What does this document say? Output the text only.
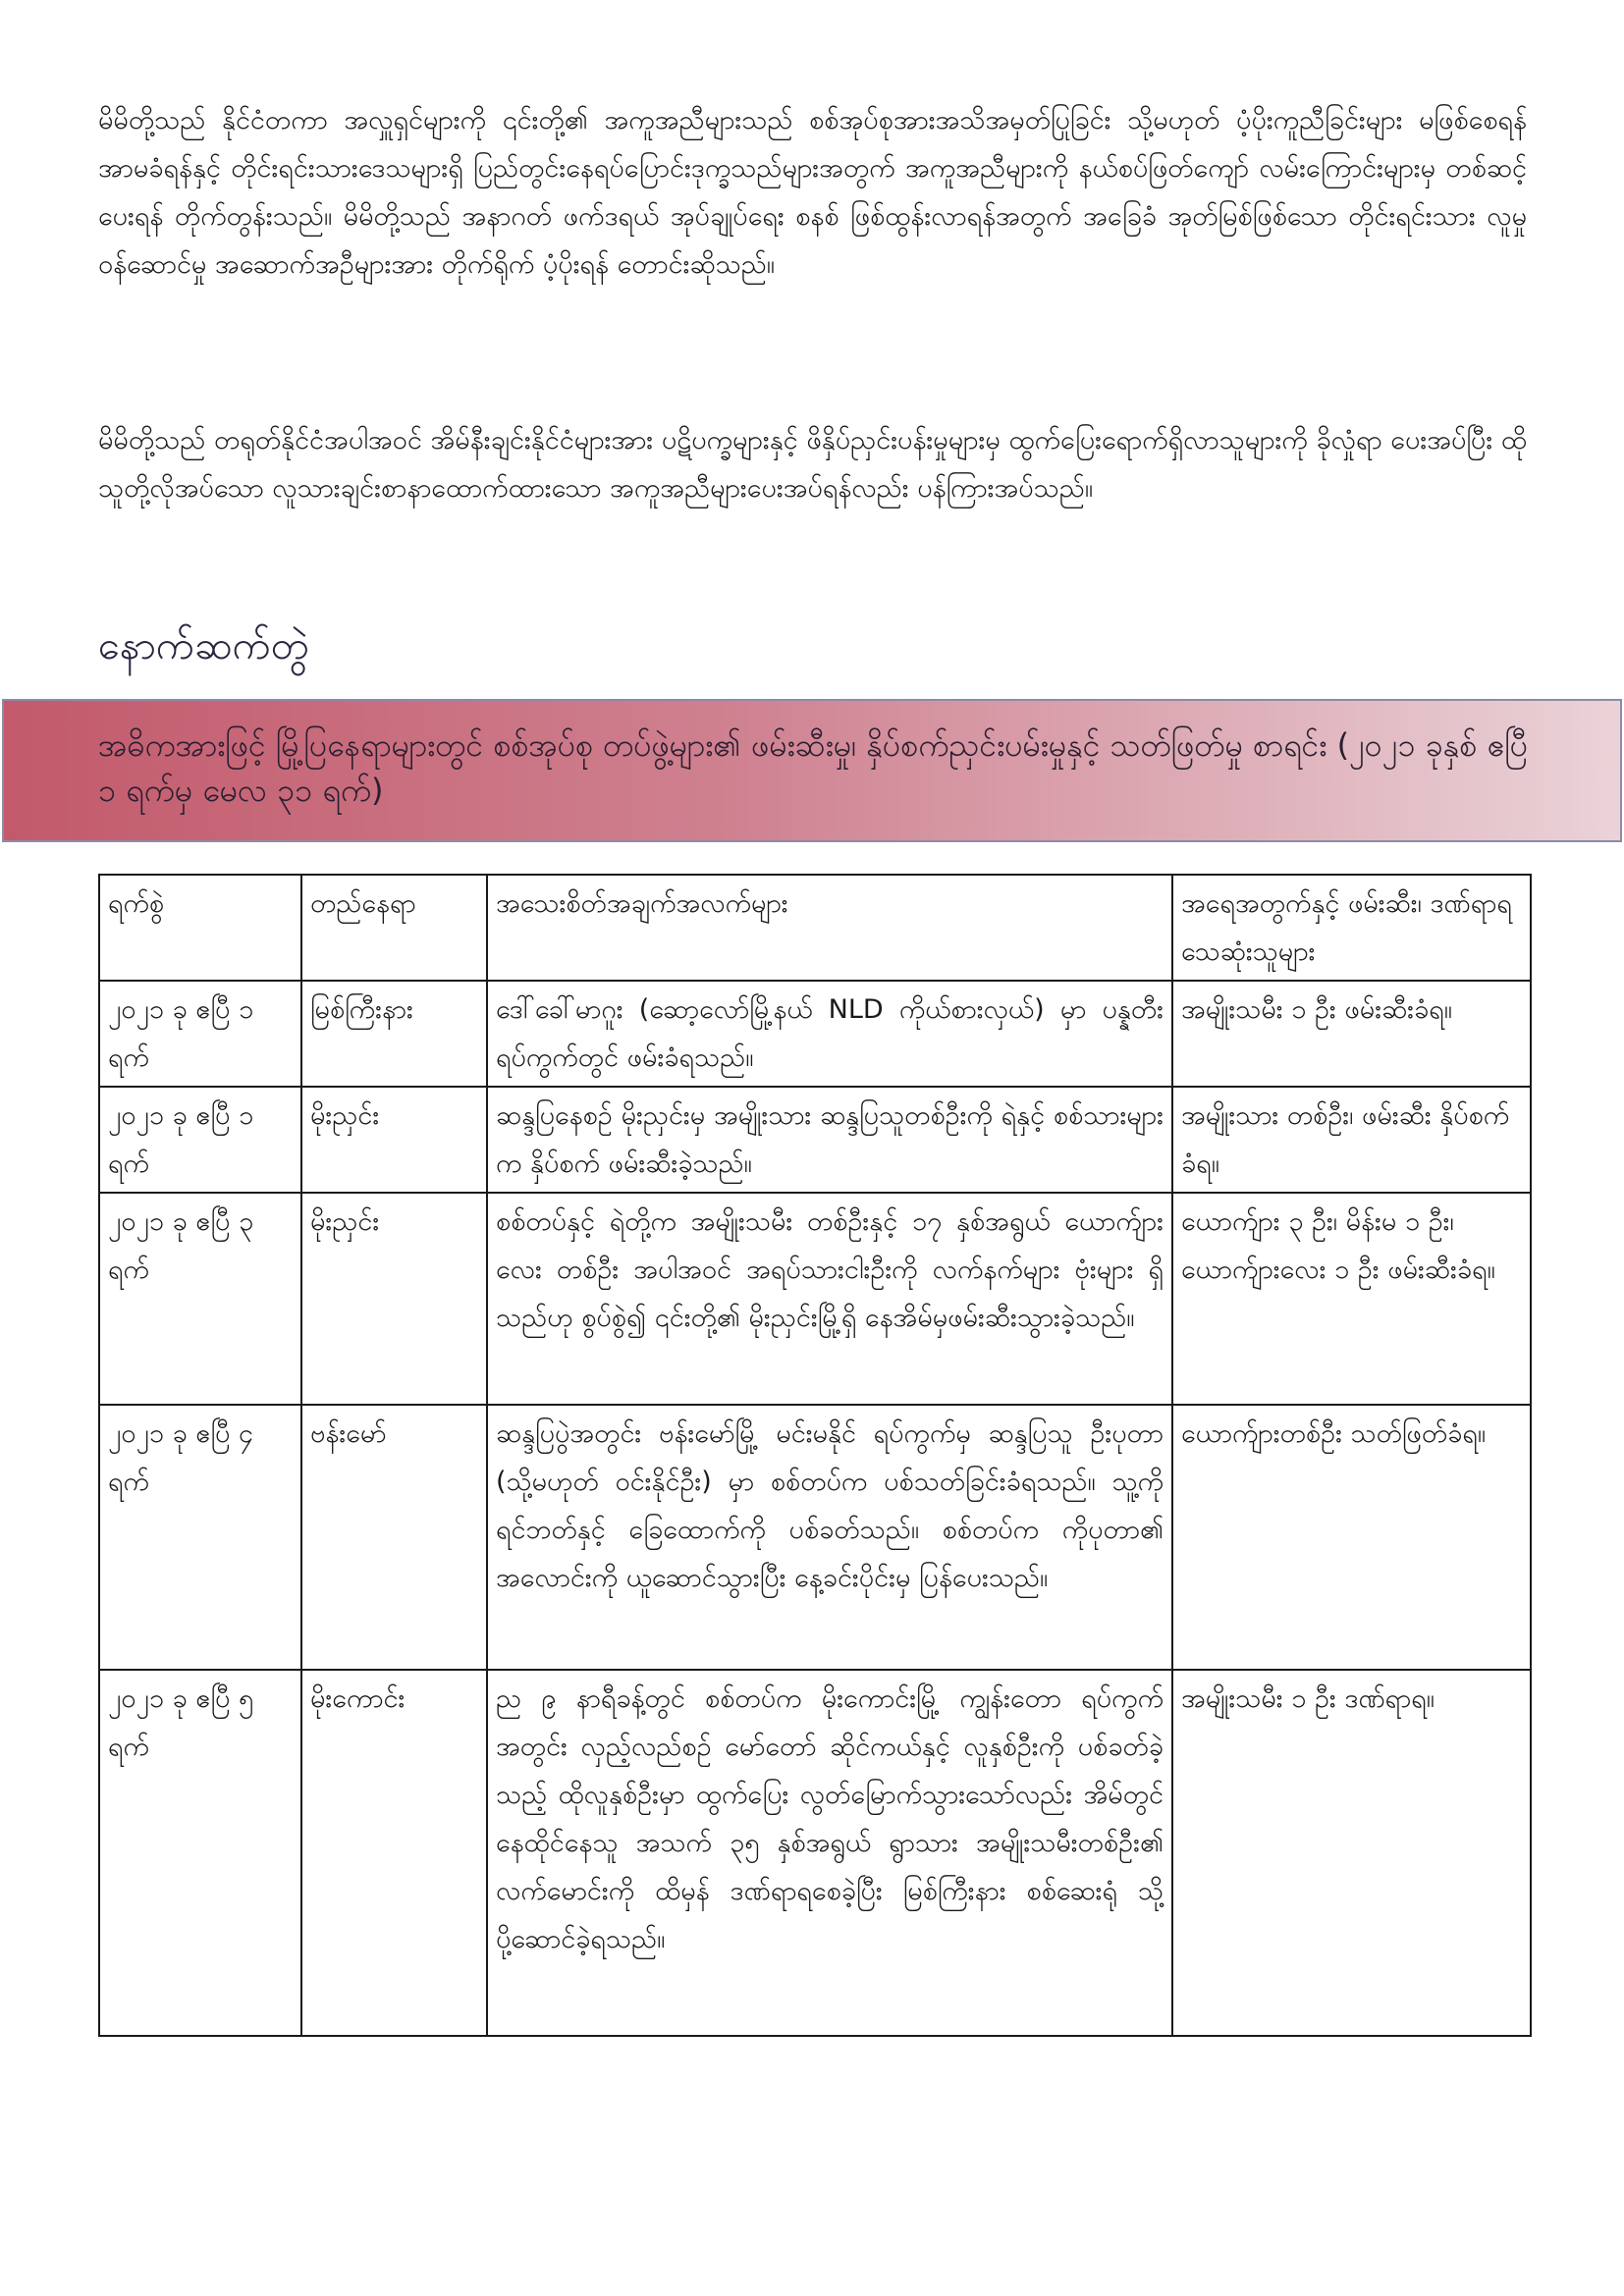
မိမိတို့သည် နိုင်ငံတကာ အလှူရှင်များကို ၎င်းတို့၏ အကူအညီများသည် စစ်အုပ်စုအားအသိအမှတ်ပြုခြင်း သို့မဟုတ် ပံ့ပိုးကူညီခြင်းများ မဖြစ်စေရန် အာမခံရန်နှင့် တိုင်းရင်းသားဒေသများရှိ ပြည်တွင်းနေရပ်ပြောင်းဒုက္ခသည်များအတွက် အကူအညီများကို နယ်စပ်ဖြတ်ကျော် လမ်းကြောင်းများမှ တစ်ဆင့် ပေးရန် တိုက်တွန်းသည်။ မိမိတို့သည် အနာဂတ် ဖက်ဒရယ် အုပ်ချုပ်ရေး စနစ် ဖြစ်ထွန်းလာရန်အတွက် အခြေခံ အုတ်မြစ်ဖြစ်သော တိုင်းရင်းသား လူမှုဝန်ဆောင်မှု အဆောက်အဦများအား တိုက်ရိုက် ပံ့ပိုးရန် တောင်းဆိုသည်။

မိမိတို့သည် တရုတ်နိုင်ငံအပါအဝင် အိမ်နီးချင်းနိုင်ငံများအား ပဋိပက္ခများနှင့် ဖိနှိပ်ညှင်းပန်းမှုများမှ ထွက်ပြေးရောက်ရှိလာသူများကို ခိုလှုံရာ ပေးအပ်ပြီး ထိုသူတို့လိုအပ်သော လူသားချင်းစာနာထောက်ထားသော အကူအညီများပေးအပ်ရန်လည်း ပန်ကြားအပ်သည်။

နောက်ဆက်တွဲ

အဓိကအားဖြင့် မြို့ပြနေရာများတွင် စစ်အုပ်စု တပ်ဖွဲ့များ၏ ဖမ်းဆီးမှု၊ နှိပ်စက်ညှင်းပမ်းမှုနှင့် သတ်ဖြတ်မှု စာရင်း (၂၀၂၁ ခုနှစ် ဧပြီ ၁ ရက်မှ မေလ ၃၁ ရက်)

ရက်စွဲ	တည်နေရာ	အသေးစိတ်အချက်အလက်များ	အရေအတွက်နှင့် ဖမ်းဆီး၊ ဒဏ်ရာရ သေဆုံးသူများ
၂၀၂၁ ခု ဧပြီ ၁ ရက်	မြစ်ကြီးနား	ဒေါ်ခေါ်မာဂူး (ဆော့လော်မြို့နယ် NLD ကိုယ်စားလှယ်) မှာ ပန္နတီး ရပ်ကွက်တွင် ဖမ်းခံရသည်။	အမျိုးသမီး ၁ ဦး ဖမ်းဆီးခံရ။
၂၀၂၁ ခု ဧပြီ ၁ ရက်	မိုးညှင်း	ဆန္ဒပြနေစဉ် မိုးညှင်းမှ အမျိုးသား ဆန္ဒပြသူတစ်ဦးကို ရဲနှင့် စစ်သားများက နှိပ်စက် ဖမ်းဆီးခဲ့သည်။	အမျိုးသား တစ်ဦး၊ ဖမ်းဆီး နှိပ်စက်ခံရ။
၂၀၂၁ ခု ဧပြီ ၃ ရက်	မိုးညှင်း	စစ်တပ်နှင့် ရဲတို့က အမျိုးသမီး တစ်ဦးနှင့် ၁၇ နှစ်အရွယ် ယောက်ျားလေး တစ်ဦး အပါအဝင် အရပ်သားငါးဦးကို လက်နက်များ ဗုံးများ ရှိသည်ဟု စွပ်စွဲ၍ ၎င်းတို့၏ မိုးညှင်းမြို့ရှိ နေအိမ်မှဖမ်းဆီးသွားခဲ့သည်။	ယောက်ျား ၃ ဦး၊ မိန်းမ ၁ ဦး၊ ယောက်ျားလေး ၁ ဦး ဖမ်းဆီးခံရ။
၂၀၂၁ ခု ဧပြီ ၄ ရက်	ဗန်းမော်	ဆန္ဒပြပွဲအတွင်း ဗန်းမော်မြို့ မင်းမနိုင် ရပ်ကွက်မှ ဆန္ဒပြသူ ဦးပုတာ (သို့မဟုတ် ဝင်းနိုင်ဦး) မှာ စစ်တပ်က ပစ်သတ်ခြင်းခံရသည်။ သူ့ကို ရင်ဘတ်နှင့် ခြေထောက်ကို ပစ်ခတ်သည်။ စစ်တပ်က ကိုပုတာ၏ အလောင်းကို ယူဆောင်သွားပြီး နေ့ခင်းပိုင်းမှ ပြန်ပေးသည်။	ယောက်ျားတစ်ဦး သတ်ဖြတ်ခံရ။
၂၀၂၁ ခု ဧပြီ ၅ ရက်	မိုးကောင်း	ည ၉ နာရီခန့်တွင် စစ်တပ်က မိုးကောင်းမြို့ ကျွန်းတော ရပ်ကွက်အတွင်း လှည့်လည်စဉ် မော်တော် ဆိုင်ကယ်နှင့် လူနှစ်ဦးကို ပစ်ခတ်ခဲ့သည့် ထိုလူနှစ်ဦးမှာ ထွက်ပြေး လွတ်မြောက်သွားသော်လည်း အိမ်တွင်နေထိုင်နေသူ အသက် ၃၅ နှစ်အရွယ် ရွာသား အမျိုးသမီးတစ်ဦး၏ လက်မောင်းကို ထိမှန် ဒဏ်ရာရစေခဲ့ပြီး မြစ်ကြီးနား စစ်ဆေးရုံ သို့ ပို့ဆောင်ခဲ့ရသည်။	အမျိုးသမီး ၁ ဦး ဒဏ်ရာရ။
